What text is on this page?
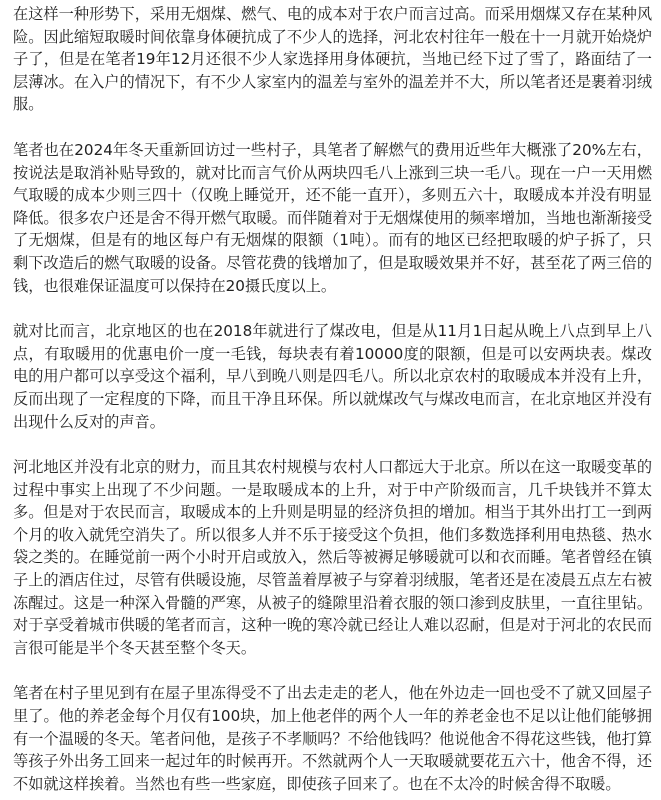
在这样一种形势下，采用无烟煤、燃气、电的成本对于农户而言过高。而采用烟煤又存在某种风险。因此缩短取暖时间依靠身体硬抗成了不少人的选择，河北农村往年一般在十一月就开始烧炉子了，但是在笔者19年12月还很不少人家选择用身体硬抗，当地已经下过了雪了，路面结了一层薄冰。在入户的情况下，有不少人家室内的温差与室外的温差并不大，所以笔者还是裹着羽绒服。

笔者也在2024年冬天重新回访过一些村子，具笔者了解燃气的费用近些年大概涨了20%左右，按说法是取消补贴导致的，就对比而言气价从两块四毛八上涨到三块一毛八。现在一户一天用燃气取暖的成本少则三四十（仅晚上睡觉开，还不能一直开），多则五六十，取暖成本并没有明显降低。很多农户还是舍不得开燃气取暖。而伴随着对于无烟煤使用的频率增加，当地也渐渐接受了无烟煤，但是有的地区每户有无烟煤的限额（1吨）。而有的地区已经把取暖的炉子拆了，只剩下改造后的燃气取暖的设备。尽管花费的钱增加了，但是取暖效果并不好，甚至花了两三倍的钱，也很难保证温度可以保持在20摄氏度以上。

就对比而言，北京地区的也在2018年就进行了煤改电，但是从11月1日起从晚上八点到早上八点，有取暖用的优惠电价一度一毛钱，每块表有着10000度的限额，但是可以安两块表。煤改电的用户都可以享受这个福利，早八到晚八则是四毛八。所以北京农村的取暖成本并没有上升，反而出现了一定程度的下降，而且干净且环保。所以就煤改气与煤改电而言，在北京地区并没有出现什么反对的声音。

河北地区并没有北京的财力，而且其农村规模与农村人口都远大于北京。所以在这一取暖变革的过程中事实上出现了不少问题。一是取暖成本的上升，对于中产阶级而言，几千块钱并不算太多。但是对于农民而言，取暖成本的上升则是明显的经济负担的增加。相当于其外出打工一到两个月的收入就凭空消失了。所以很多人并不乐于接受这个负担，他们多数选择利用电热毯、热水袋之类的。在睡觉前一两个小时开启或放入，然后等被褥足够暖就可以和衣而睡。笔者曾经在镇子上的酒店住过，尽管有供暖设施，尽管盖着厚被子与穿着羽绒服，笔者还是在凌晨五点左右被冻醒过。这是一种深入骨髓的严寒，从被子的缝隙里沿着衣服的领口渗到皮肤里，一直往里钻。对于享受着城市供暖的笔者而言，这种一晚的寒冷就已经让人难以忍耐，但是对于河北的农民而言很可能是半个冬天甚至整个冬天。

笔者在村子里见到有在屋子里冻得受不了出去走走的老人，他在外边走一回也受不了就又回屋子里了。他的养老金每个月仅有100块，加上他老伴的两个人一年的养老金也不足以让他们能够拥有一个温暖的冬天。笔者问他，是孩子不孝顺吗？不给他钱吗？他说他舍不得花这些钱，他打算等孩子外出务工回来一起过年的时候再开。不然就两个人一天取暖就要花五六十，他舍不得，还不如就这样挨着。当然也有些一些家庭，即使孩子回来了。也在不太冷的时候舍得不取暖。
